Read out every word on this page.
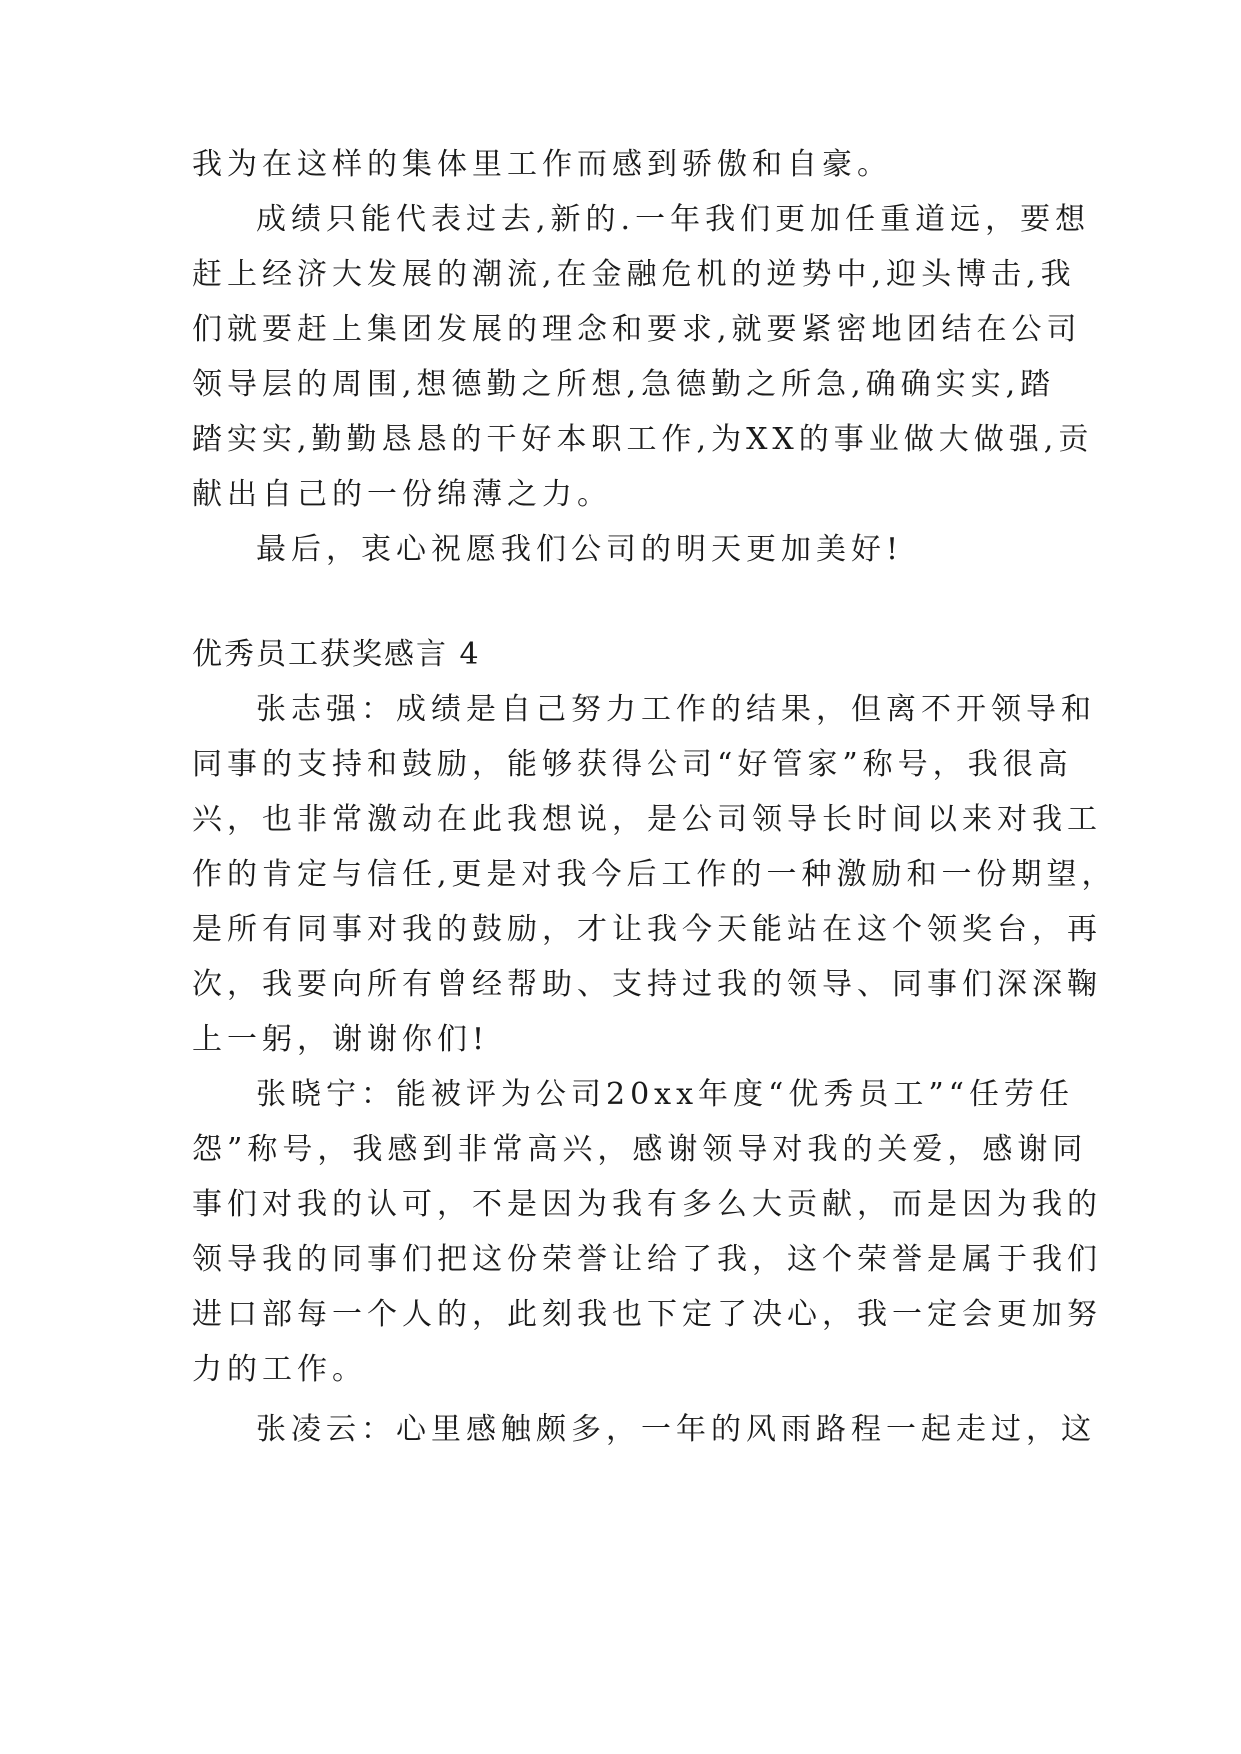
我为在这样的集体里工作而感到骄傲和自豪。
成绩只能代表过去,新的.一年我们更加任重道远，要想
赶上经济大发展的潮流,在金融危机的逆势中,迎头博击,我
们就要赶上集团发展的理念和要求,就要紧密地团结在公司
领导层的周围,想德勤之所想,急德勤之所急,确确实实,踏
踏实实,勤勤恳恳的干好本职工作,为XX的事业做大做强,贡
献出自己的一份绵薄之力。
最后，衷心祝愿我们公司的明天更加美好!
优秀员工获奖感言 4
张志强：成绩是自己努力工作的结果，但离不开领导和
同事的支持和鼓励，能够获得公司“好管家”称号，我很高
兴，也非常激动在此我想说，是公司领导长时间以来对我工
作的肯定与信任,更是对我今后工作的一种激励和一份期望，
是所有同事对我的鼓励，才让我今天能站在这个领奖台，再
次，我要向所有曾经帮助、支持过我的领导、同事们深深鞠
上一躬，谢谢你们!
张晓宁：能被评为公司20xx年度“优秀员工”“任劳任
怨”称号，我感到非常高兴，感谢领导对我的关爱，感谢同
事们对我的认可，不是因为我有多么大贡献，而是因为我的
领导我的同事们把这份荣誉让给了我，这个荣誉是属于我们
进口部每一个人的，此刻我也下定了决心，我一定会更加努
力的工作。
张凌云：心里感触颇多，一年的风雨路程一起走过，这
